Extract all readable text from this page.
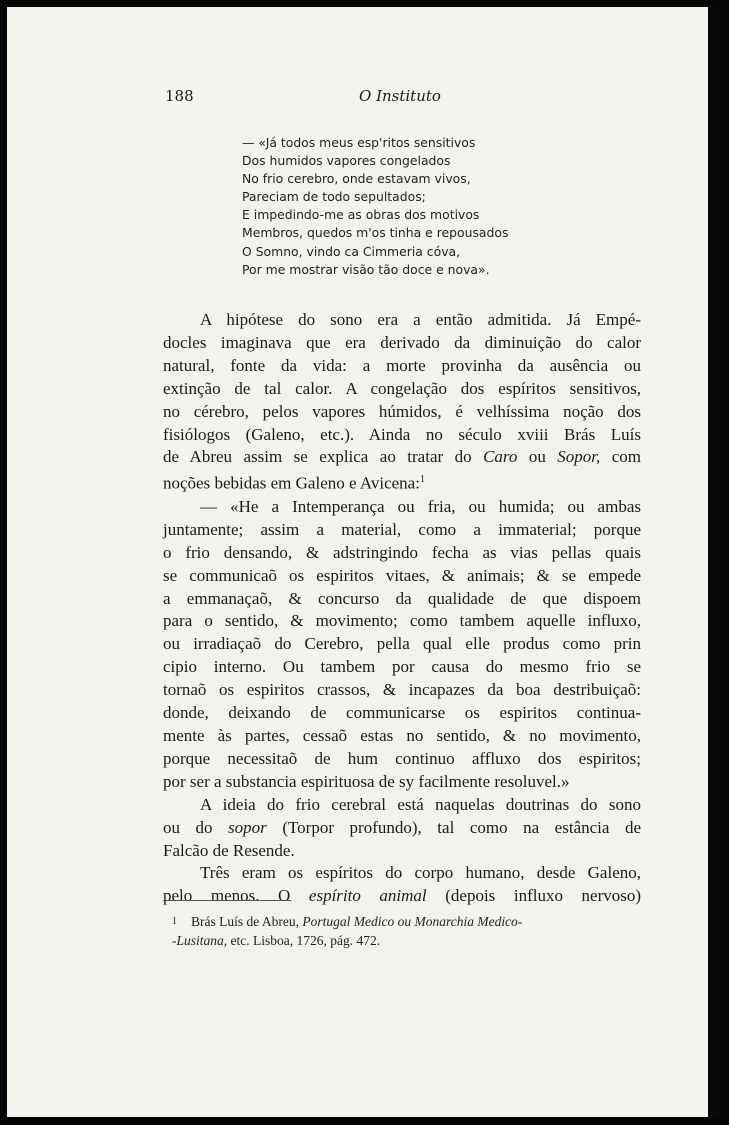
188	O Instituto
— «Já todos meus esp'ritos sensitivos
Dos humidos vapores congelados
No frio cerebro, onde estavam vivos,
Pareciam de todo sepultados;
E impedindo-me as obras dos motivos
Membros, quedos m'os tinha e repousados
O Somno, vindo ca Cimmeria cóva,
Por me mostrar visão tão doce e nova».
A hipótese do sono era a então admitida. Já Empé-
docles imaginava que era derivado da diminuição do calor
natural, fonte da vida: a morte provinha da ausência ou
extinção de tal calor. A congelação dos espíritos sensitivos,
no cérebro, pelos vapores húmidos, é velhíssima noção dos
fisiólogos (Galeno, etc.). Ainda no século xviii Brás Luís
de Abreu assim se explica ao tratar do Caro ou Sopor, com
noções bebidas em Galeno e Avicena:$^1$
— «He a Intemperança ou fria, ou humida; ou ambas
juntamente; assim a material, como a immaterial; porque
o frio densando, & adstringindo fecha as vias pellas quais
se communicaõ os espiritos vitaes, & animais; & se empede
a emmanaçaõ, & concurso da qualidade de que dispoem
para o sentido, & movimento; como tambem aquelle influxo,
ou irradiaçaõ do Cerebro, pella qual elle produs como prin
cipio interno. Ou tambem por causa do mesmo frio se
tornaõ os espiritos crassos, & incapazes da boa destribuiçaõ:
donde, deixando de communicarse os espiritos continua-
mente às partes, cessaõ estas no sentido, & no movimento,
porque necessitaõ de hum continuo affluxo dos espiritos;
por ser a substancia espirituosa de sy facilmente resoluvel.»
A ideia do frio cerebral está naquelas doutrinas do sono
ou do sopor (Torpor profundo), tal como na estância de
Falcão de Resende.
Três eram os espíritos do corpo humano, desde Galeno,
pelo menos. O espírito animal (depois influxo nervoso)
$^1$ Brás Luís de Abreu, Portugal Medico ou Monarchia Medico-
-Lusitana, etc. Lisboa, 1726, pág. 472.
